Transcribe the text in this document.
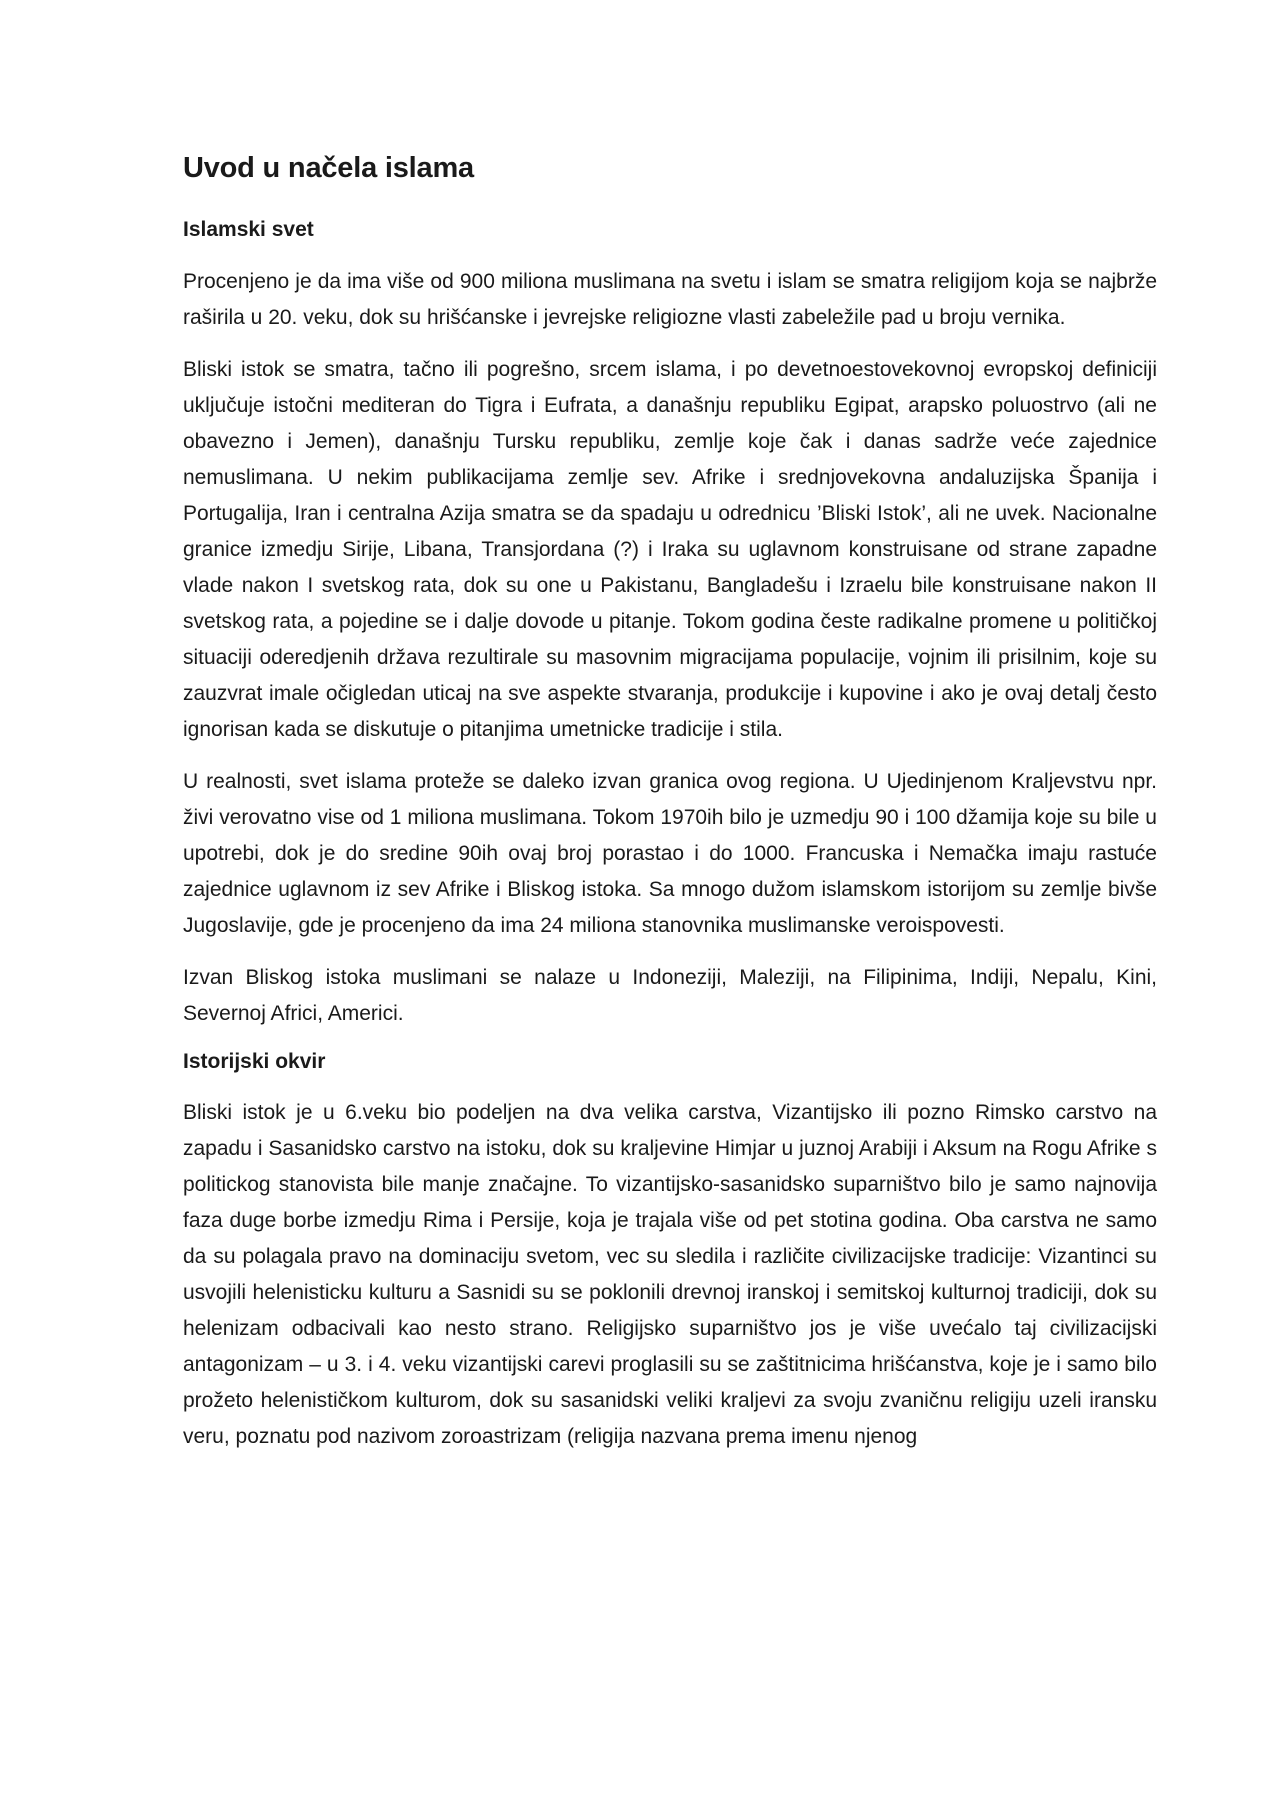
Uvod u načela islama
Islamski svet

Procenjeno je da ima više od 900 miliona muslimana na svetu i islam se smatra religijom koja se najbrže raširila u 20. veku, dok su hrišćanske i jevrejske religiozne vlasti zabeležile pad u broju vernika.

Bliski istok se smatra, tačno ili pogrešno, srcem islama, i po devetnoestovekovnoj evropskoj definiciji uključuje istočni mediteran do Tigra i Eufrata, a današnju republiku Egipat, arapsko poluostrvo (ali ne obavezno i Jemen), današnju Tursku republiku, zemlje koje čak i danas sadrže veće zajednice nemuslimana. U nekim publikacijama zemlje sev. Afrike i srednjovekovna andaluzijska Španija i Portugalija, Iran i centralna Azija smatra se da spadaju u odrednicu ’Bliski Istok’, ali ne uvek. Nacionalne granice izmedju Sirije, Libana, Transjordana (?) i Iraka su uglavnom konstruisane od strane zapadne vlade nakon I svetskog rata, dok su one u Pakistanu, Bangladešu i Izraelu bile konstruisane nakon II svetskog rata, a pojedine se i dalje dovode u pitanje. Tokom godina česte radikalne promene u političkoj situaciji oderedjenih država rezultirale su masovnim migracijama populacije, vojnim ili prisilnim, koje su zauzvrat imale očigledan uticaj na sve aspekte stvaranja, produkcije i kupovine i ako je ovaj detalj često ignorisan kada se diskutuje o pitanjima umetnicke tradicije i stila.

U realnosti, svet islama proteže se daleko izvan granica ovog regiona. U Ujedinjenom Kraljevstvu npr. živi verovatno vise od 1 miliona muslimana. Tokom 1970ih bilo je uzmedju 90 i 100 džamija koje su bile u upotrebi, dok je do sredine 90ih ovaj broj porastao i do 1000. Francuska i Nemačka imaju rastuće zajednice uglavnom iz sev Afrike i Bliskog istoka. Sa mnogo dužom islamskom istorijom su zemlje bivše Jugoslavije, gde je procenjeno da ima 24 miliona stanovnika muslimanske veroispovesti.

Izvan Bliskog istoka muslimani se nalaze u Indoneziji, Maleziji, na Filipinima, Indiji, Nepalu, Kini, Severnoj Africi, Americi.

Istorijski okvir

Bliski istok je u 6.veku bio podeljen na dva velika carstva, Vizantijsko ili pozno Rimsko carstvo na zapadu i Sasanidsko carstvo na istoku, dok su kraljevine Himjar u juznoj Arabiji i Aksum na Rogu Afrike s politickog stanovista bile manje značajne. To vizantijsko-sasanidsko suparništvo bilo je samo najnovija faza duge borbe izmedju Rima i Persije, koja je trajala više od pet stotina godina. Oba carstva ne samo da su polagala pravo na dominaciju svetom, vec su sledila i različite civilizacijske tradicije: Vizantinci su usvojili helenisticku kulturu a Sasnidi su se poklonili drevnoj iranskoj i semitskoj kulturnoj tradiciji, dok su helenizam odbacivali kao nesto strano. Religijsko suparništvo jos je više uvećalo taj civilizacijski antagonizam – u 3. i 4. veku vizantijski carevi proglasili su se zaštitnicima hrišćanstva, koje je i samo bilo prožeto helenističkom kulturom, dok su sasanidski veliki kraljevi za svoju zvaničnu religiju uzeli iransku veru, poznatu pod nazivom zoroastrizam (religija nazvana prema imenu njenog
